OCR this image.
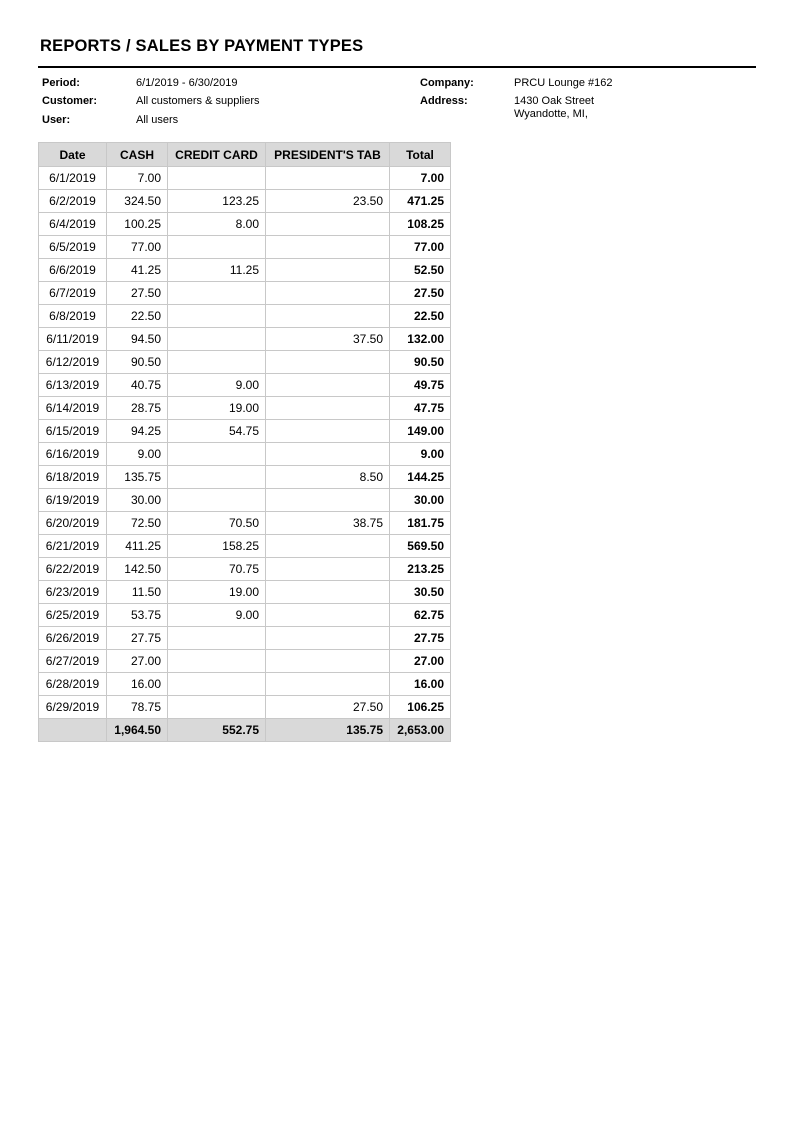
REPORTS / SALES BY PAYMENT TYPES
Period:	6/1/2019 - 6/30/2019
Customer:	All customers & suppliers
User:	All users
Company:	PRCU Lounge #162
Address:	1430 Oak Street
Wyandotte, MI,
Date	CASH	CREDIT CARD	PRESIDENT'S TAB	Total
6/1/2019	7.00			7.00
6/2/2019	324.50	123.25	23.50	471.25
6/4/2019	100.25	8.00		108.25
6/5/2019	77.00			77.00
6/6/2019	41.25	11.25		52.50
6/7/2019	27.50			27.50
6/8/2019	22.50			22.50
6/11/2019	94.50		37.50	132.00
6/12/2019	90.50			90.50
6/13/2019	40.75	9.00		49.75
6/14/2019	28.75	19.00		47.75
6/15/2019	94.25	54.75		149.00
6/16/2019	9.00			9.00
6/18/2019	135.75		8.50	144.25
6/19/2019	30.00			30.00
6/20/2019	72.50	70.50	38.75	181.75
6/21/2019	411.25	158.25		569.50
6/22/2019	142.50	70.75		213.25
6/23/2019	11.50	19.00		30.50
6/25/2019	53.75	9.00		62.75
6/26/2019	27.75			27.75
6/27/2019	27.00			27.00
6/28/2019	16.00			16.00
6/29/2019	78.75		27.50	106.25
	1,964.50	552.75	135.75	2,653.00
